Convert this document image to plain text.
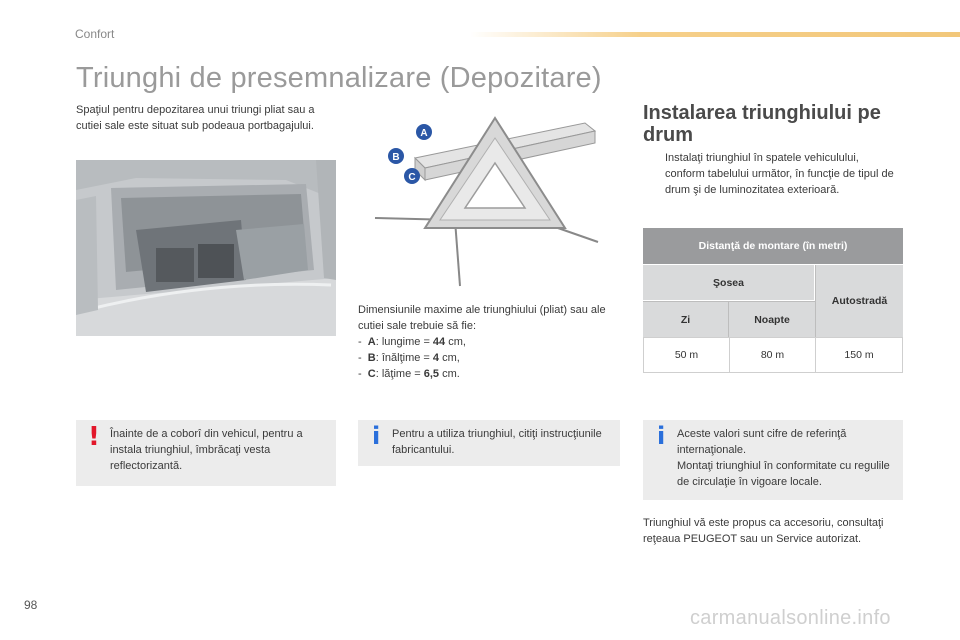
Confort
Triunghi de presemnalizare (Depozitare)
Spaţiul pentru depozitarea unui triungi pliat sau a cutiei sale este situat sub podeaua portbagajului.
A
B
C
Dimensiunile maxime ale triunghiului (pliat) sau ale cutiei sale trebuie să fie:
- A: lungime = 44 cm,
- B: înălţime = 4 cm,
- C: lăţime = 6,5 cm.
Instalarea triunghiului pe drum
Instalaţi triunghiul în spatele vehiculului, conform tabelului următor, în funcţie de tipul de drum şi de luminozitatea exterioară.
Distanţă de montare (în metri)
Şosea
Autostradă
Zi	Noapte
50 m	80 m	150 m
! Înainte de a coborî din vehicul, pentru a instala triunghiul, îmbrăcaţi vesta reflectorizantă.
i Pentru a utiliza triunghiul, citiţi instrucţiunile fabricantului.	i Aceste valori sunt cifre de referinţă internaţionale.
Montaţi triunghiul în conformitate cu regulile de circulaţie în vigoare locale.
Triunghiul vă este propus ca accesoriu, consultaţi reţeaua PEUGEOT sau un Service autorizat.
98
carmanualsonline.info
